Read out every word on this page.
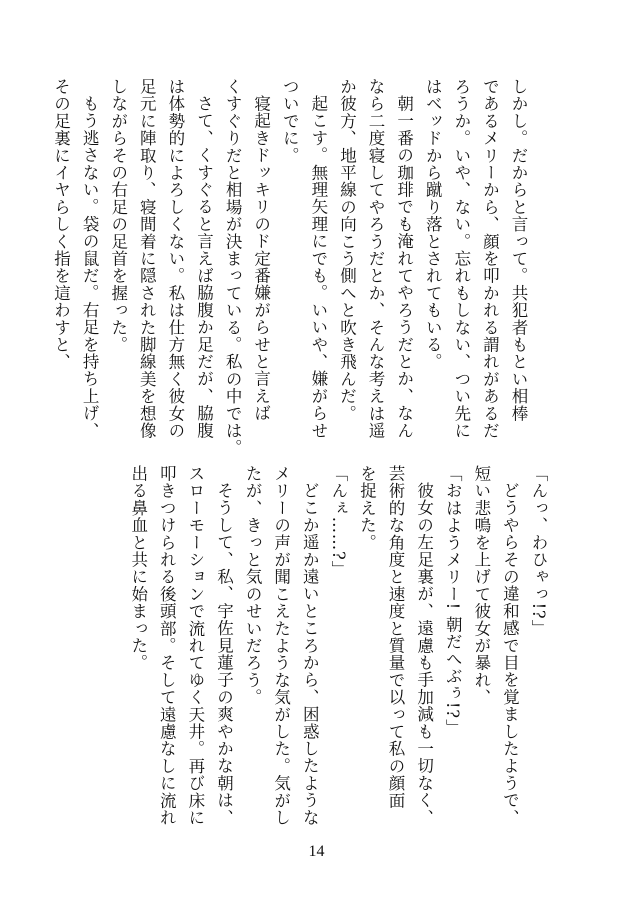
しかし。だからと言って。共犯者もとい相棒
であるメリーから、顔を叩かれる謂れがあるだ
ろうか。いや、ない。忘れもしない、つい先に
はベッドから蹴り落とされてもいる。
朝一番の珈琲でも淹れてやろうだとか、なん
なら二度寝してやろうだとか、そんな考えは遥
か彼方、地平線の向こう側へと吹き飛んだ。
起こす。無理矢理にでも。いいや、嫌がらせ
ついでに。
寝起きドッキリのド定番嫌がらせと言えば
くすぐりだと相場が決まっている。私の中では。
さて、くすぐると言えば脇腹か足だが、脇腹
は体勢的によろしくない。私は仕方無く彼女の
足元に陣取り、寝間着に隠された脚線美を想像
しながらその右足の足首を握った。
もう逃さない。袋の鼠だ。右足を持ち上げ、
その足裏にイヤらしく指を這わすと、
「んっ、わひゃっ!?」
どうやらその違和感で目を覚ましたようで、
短い悲鳴を上げて彼女が暴れ、
「おはようメリー! 朝だへぶぅ!?」
彼女の左足裏が、遠慮も手加減も一切なく、
芸術的な角度と速度と質量で以って私の顔面
を捉えた。
「んぇ……?」
どこか遥か遠いところから、困惑したような
メリーの声が聞こえたような気がした。気がし
たが、きっと気のせいだろう。
そうして、私、宇佐見蓮子の爽やかな朝は、
スローモーションで流れてゆく天井。再び床に
叩きつけられる後頭部。そして遠慮なしに流れ
出る鼻血と共に始まった。
14
